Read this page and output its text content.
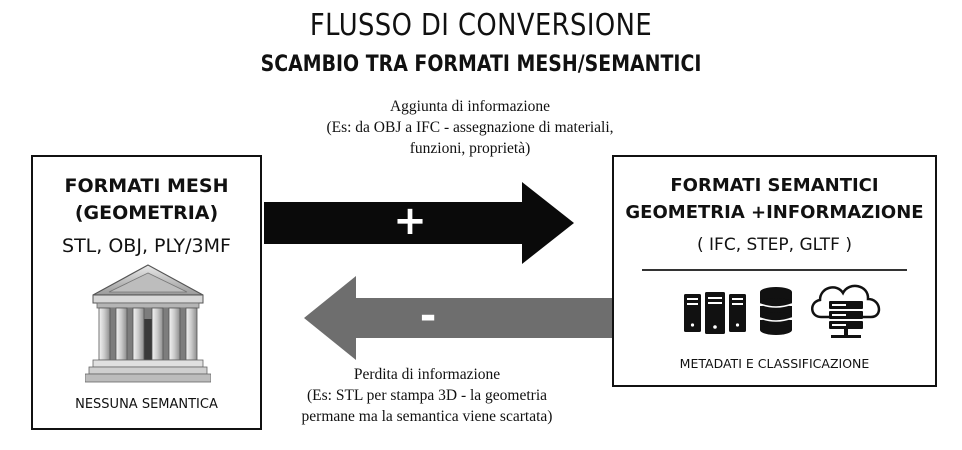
FLUSSO DI CONVERSIONE
SCAMBIO TRA FORMATI MESH/SEMANTICI
Aggiunta di informazione
(Es: da OBJ a IFC - assegnazione di materiali,
funzioni, proprietà)
+
-
Perdita di informazione
(Es: STL per stampa 3D - la geometria
permane ma la semantica viene scartata)
FORMATI MESH
(GEOMETRIA)
STL, OBJ, PLY/3MF
NESSUNA SEMANTICA
FORMATI SEMANTICI
GEOMETRIA +INFORMAZIONE
( IFC, STEP, GLTF )
METADATI E CLASSIFICAZIONE
